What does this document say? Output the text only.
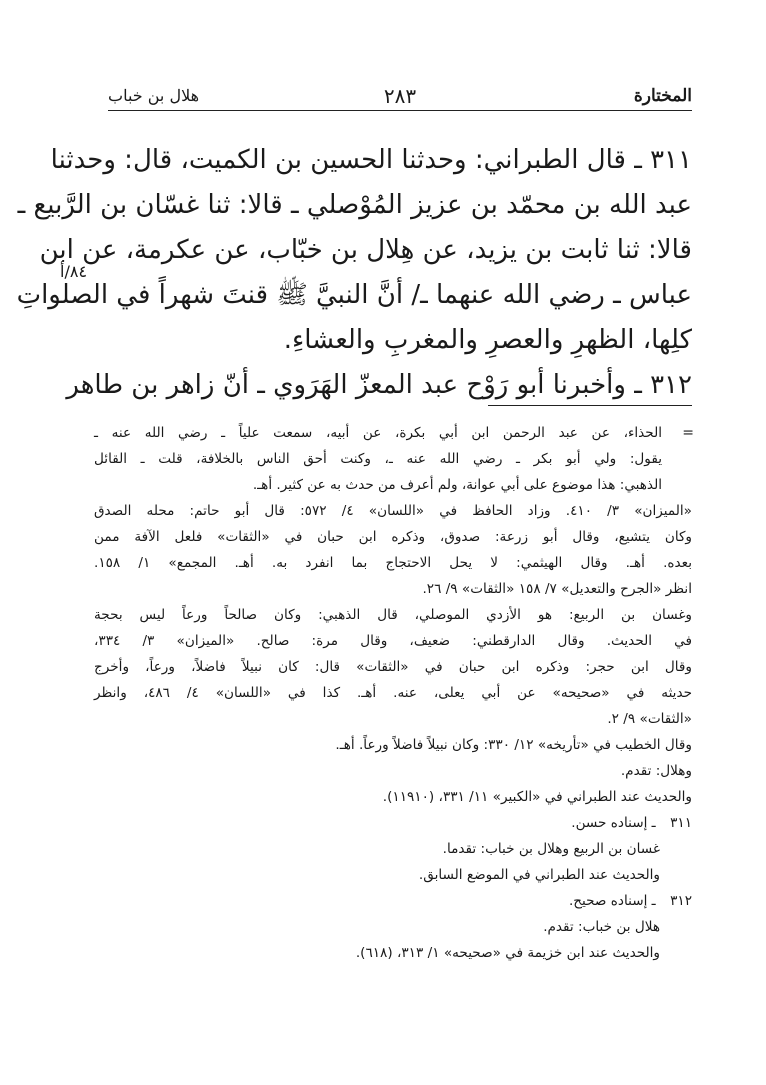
المختارة
٢٨٣
هلال بن خباب
٣١١ ـ قال الطبراني: وحدثنا الحسين بن الكميت، قال: وحدثنا
عبد الله بن محمّد بن عزيز المُوْصلي ـ قالا: ثنا غسّان بن الرَّبيع ـ
قالا: ثنا ثابت بن يزيد، عن هِلال بن خبّاب، عن عكرمة، عن ابن
عباس ـ رضي الله عنهما ـ/ أنَّ النبيَّ ﷺ قنتَ شهراً في الصلواتِ
كلِها، الظهرِ والعصرِ والمغربِ والعشاءِ.
٣١٢ ـ وأخبرنا أبو رَوْح عبد المعزّ الهَرَوي ـ أنّ زاهر بن طاهر
٨٤/أ
=
الحذاء، عن عبد الرحمن ابن أبي بكرة، عن أبيه، سمعت علياً ـ رضي الله عنه ـ
يقول: ولي أبو بكر ـ رضي الله عنه ـ، وكنت أحق الناس بالخلافة، قلت ـ القائل
الذهبي: هذا موضوع على أبي عوانة، ولم أعرف من حدث به عن كثير. أهـ.
«الميزان» ٣/ ٤١٠. وزاد الحافظ في «اللسان» ٤/ ٥٧٢: قال أبو حاتم: محله الصدق
وكان يتشيع، وقال أبو زرعة: صدوق، وذكره ابن حبان في «الثقات» فلعل الآفة ممن
بعده. أهـ. وقال الهيثمي: لا يحل الاحتجاج بما انفرد به. أهـ. المجمع» ١/ ١٥٨.
انظر «الجرح والتعديل» ٧/ ١٥٨ «الثقات» ٩/ ٢٦.
وغسان بن الربيع: هو الأزدي الموصلي، قال الذهبي: وكان صالحاً ورعاً ليس بحجة
في الحديث. وقال الدارقطني: ضعيف، وقال مرة: صالح. «الميزان» ٣/ ٣٣٤،
وقال ابن حجر: وذكره ابن حبان في «الثقات» قال: كان نبيلاً فاضلاً، ورعاً، وأخرج
حديثه في «صحيحه» عن أبي يعلى، عنه. أهـ. كذا في «اللسان» ٤/ ٤٨٦، وانظر
«الثقات» ٩/ ٢.
وقال الخطيب في «تأريخه» ١٢/ ٣٣٠: وكان نبيلاً فاضلاً ورعاً. أهـ.
وهلال: تقدم.
والحديث عند الطبراني في «الكبير» ١١/ ٣٣١، (١١٩١٠).
٣١١ ـ إسناده حسن.
غسان بن الربيع وهلال بن خباب: تقدما.
والحديث عند الطبراني في الموضع السابق.
٣١٢ ـ إسناده صحيح.
هلال بن خباب: تقدم.
والحديث عند ابن خزيمة في «صحيحه» ١/ ٣١٣، (٦١٨).
